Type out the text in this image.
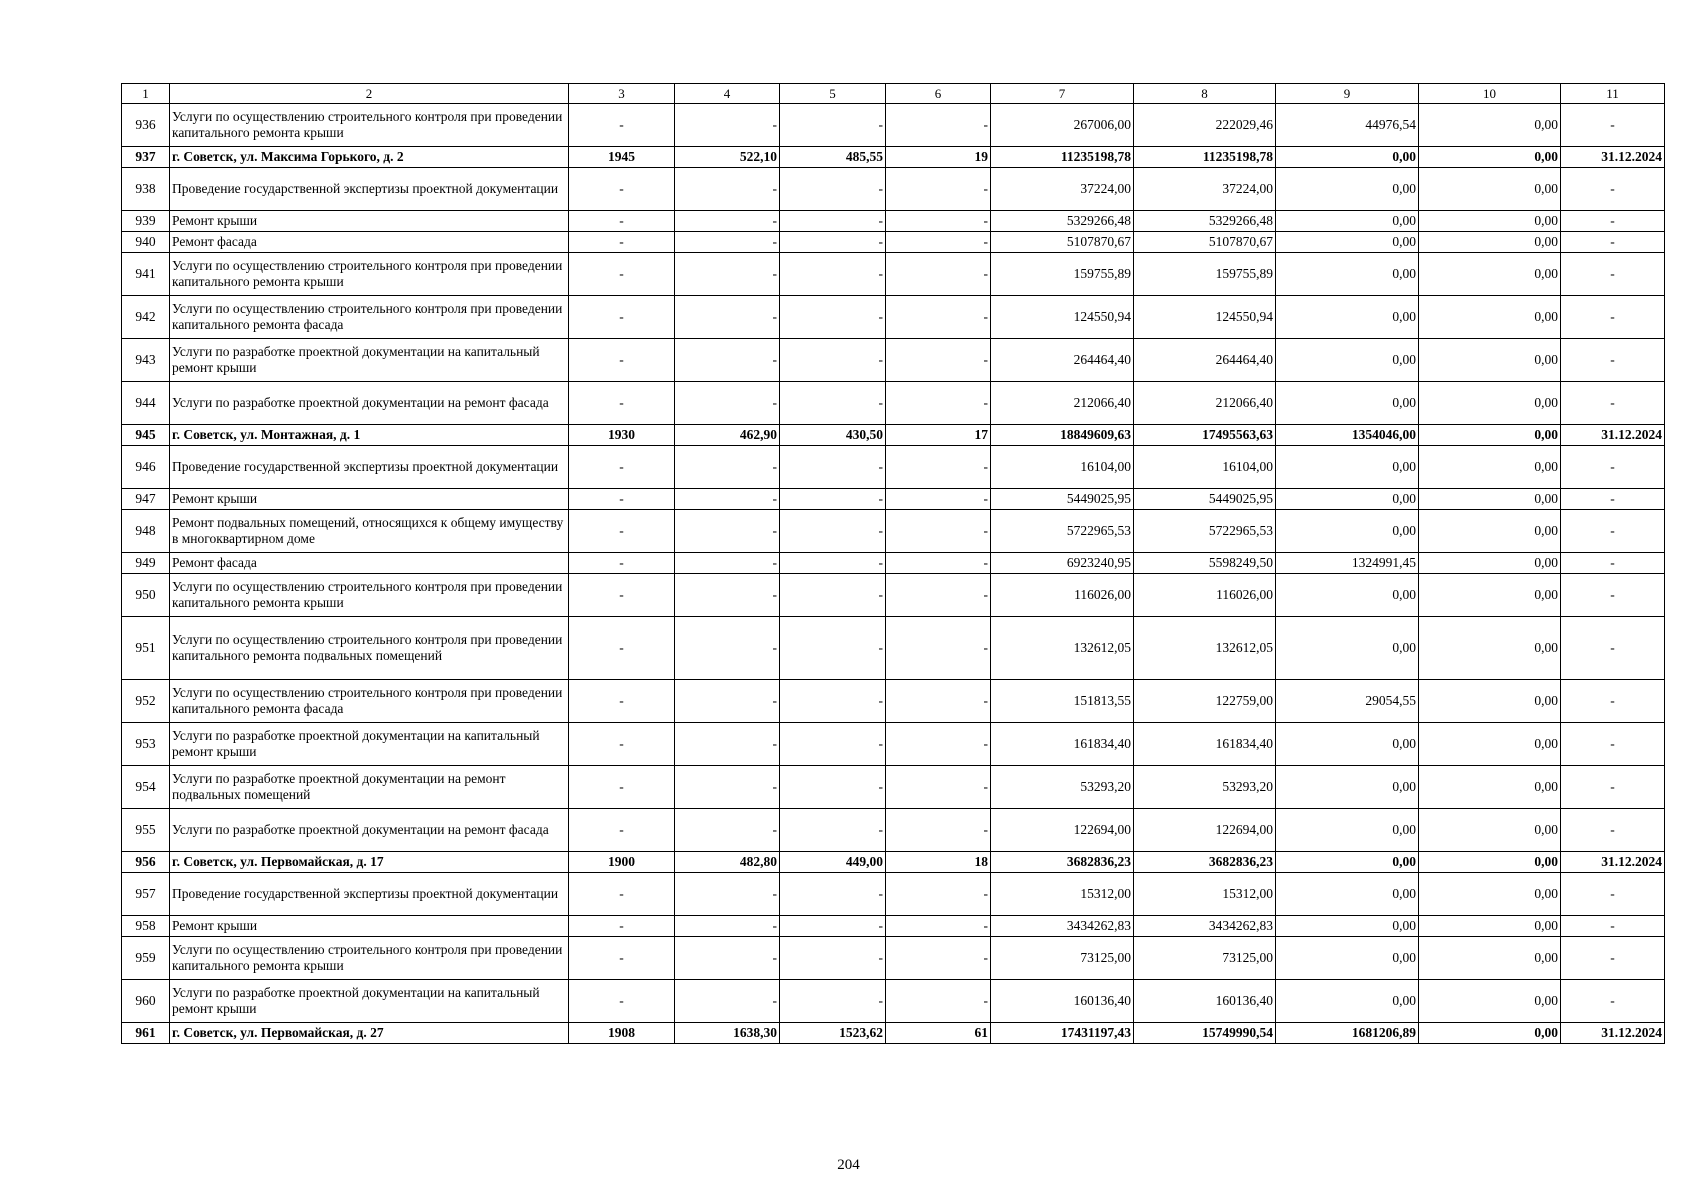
1	2	3	4	5	6	7	8	9	10	11
936	Услуги по осуществлению строительного контроля при проведении капитального ремонта крыши	-	-	-	-	267006,00	222029,46	44976,54	0,00	-
937	г. Советск, ул. Максима Горького, д. 2	1945	522,10	485,55	19	11235198,78	11235198,78	0,00	0,00	31.12.2024
938	Проведение государственной экспертизы проектной документации	-	-	-	-	37224,00	37224,00	0,00	0,00	-
939	Ремонт крыши	-	-	-	-	5329266,48	5329266,48	0,00	0,00	-
940	Ремонт фасада	-	-	-	-	5107870,67	5107870,67	0,00	0,00	-
941	Услуги по осуществлению строительного контроля при проведении капитального ремонта крыши	-	-	-	-	159755,89	159755,89	0,00	0,00	-
942	Услуги по осуществлению строительного контроля при проведении капитального ремонта фасада	-	-	-	-	124550,94	124550,94	0,00	0,00	-
943	Услуги по разработке проектной документации на капитальный ремонт крыши	-	-	-	-	264464,40	264464,40	0,00	0,00	-
944	Услуги по разработке проектной документации на ремонт фасада	-	-	-	-	212066,40	212066,40	0,00	0,00	-
945	г. Советск, ул. Монтажная, д. 1	1930	462,90	430,50	17	18849609,63	17495563,63	1354046,00	0,00	31.12.2024
946	Проведение государственной экспертизы проектной документации	-	-	-	-	16104,00	16104,00	0,00	0,00	-
947	Ремонт крыши	-	-	-	-	5449025,95	5449025,95	0,00	0,00	-
948	Ремонт подвальных помещений, относящихся к общему имуществу в многоквартирном доме	-	-	-	-	5722965,53	5722965,53	0,00	0,00	-
949	Ремонт фасада	-	-	-	-	6923240,95	5598249,50	1324991,45	0,00	-
950	Услуги по осуществлению строительного контроля при проведении капитального ремонта крыши	-	-	-	-	116026,00	116026,00	0,00	0,00	-
951	Услуги по осуществлению строительного контроля при проведении капитального ремонта подвальных помещений	-	-	-	-	132612,05	132612,05	0,00	0,00	-
952	Услуги по осуществлению строительного контроля при проведении капитального ремонта фасада	-	-	-	-	151813,55	122759,00	29054,55	0,00	-
953	Услуги по разработке проектной документации на капитальный ремонт крыши	-	-	-	-	161834,40	161834,40	0,00	0,00	-
954	Услуги по разработке проектной документации на ремонт подвальных помещений	-	-	-	-	53293,20	53293,20	0,00	0,00	-
955	Услуги по разработке проектной документации на ремонт фасада	-	-	-	-	122694,00	122694,00	0,00	0,00	-
956	г. Советск, ул. Первомайская, д. 17	1900	482,80	449,00	18	3682836,23	3682836,23	0,00	0,00	31.12.2024
957	Проведение государственной экспертизы проектной документации	-	-	-	-	15312,00	15312,00	0,00	0,00	-
958	Ремонт крыши	-	-	-	-	3434262,83	3434262,83	0,00	0,00	-
959	Услуги по осуществлению строительного контроля при проведении капитального ремонта крыши	-	-	-	-	73125,00	73125,00	0,00	0,00	-
960	Услуги по разработке проектной документации на капитальный ремонт крыши	-	-	-	-	160136,40	160136,40	0,00	0,00	-
961	г. Советск, ул. Первомайская, д. 27	1908	1638,30	1523,62	61	17431197,43	15749990,54	1681206,89	0,00	31.12.2024
204
